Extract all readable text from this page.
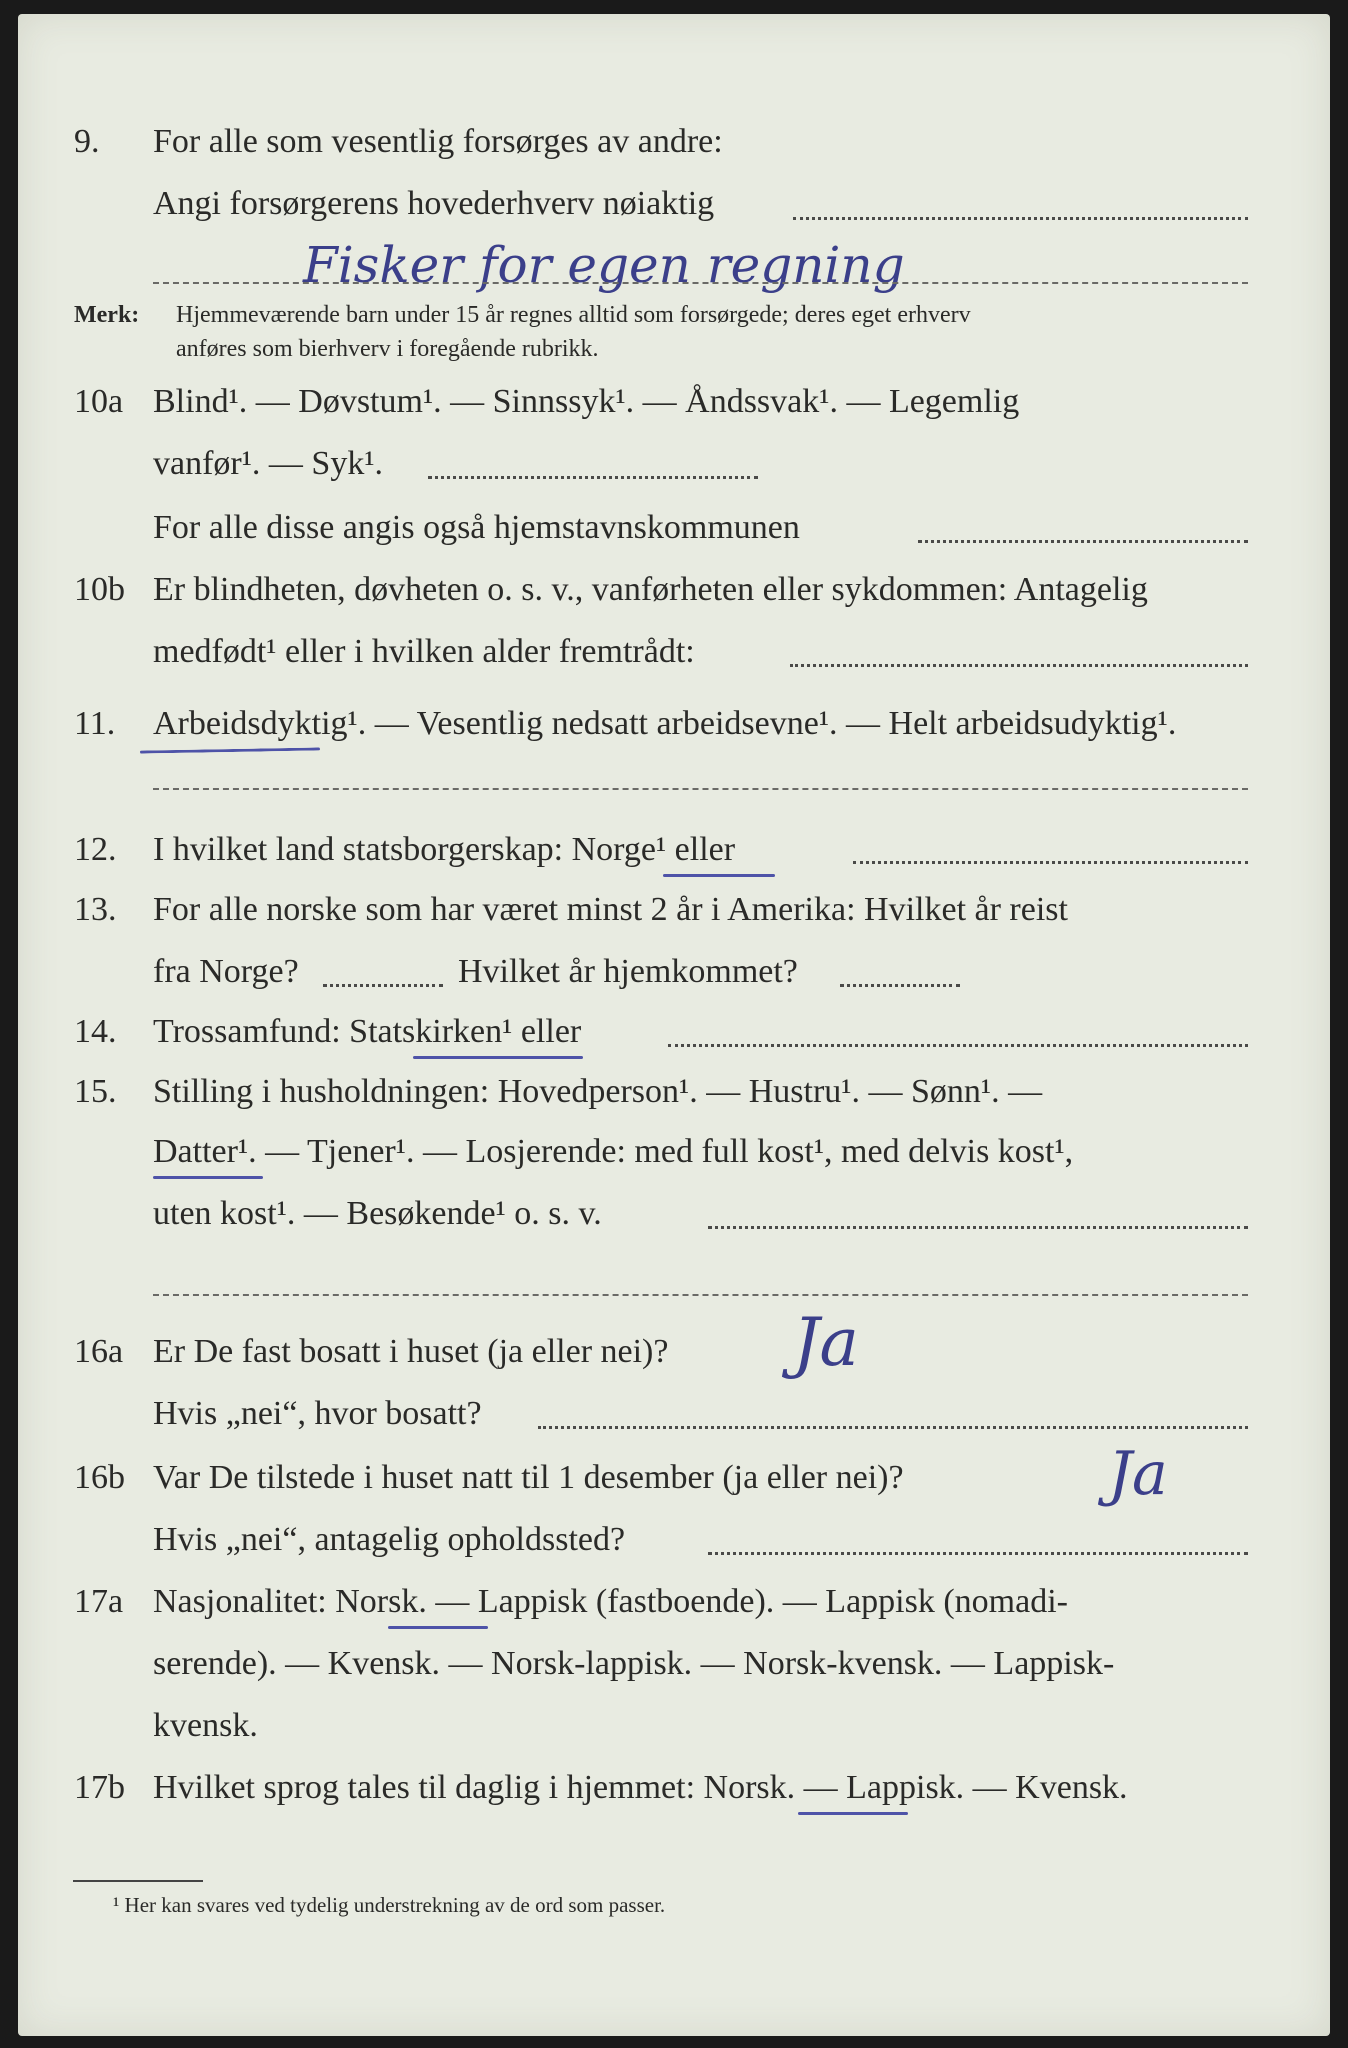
9. For alle som vesentlig forsørges av andre:
Angi forsørgerens hovederhverv nøiaktig
Fisker for egen regning
Merk: Hjemmeværende barn under 15 år regnes alltid som forsørgede; deres eget erhverv
anføres som bierhverv i foregående rubrikk.
10a Blind¹. — Døvstum¹. — Sinnssyk¹. — Åndssvak¹. — Legemlig
vanfør¹. — Syk¹.
For alle disse angis også hjemstavnskommunen
10b Er blindheten, døvheten o. s. v., vanførheten eller sykdommen: Antagelig
medfødt¹ eller i hvilken alder fremtrådt:
11. Arbeidsdyktig¹. — Vesentlig nedsatt arbeidsevne¹. — Helt arbeidsudyktig¹.
12. I hvilket land statsborgerskap: Norge¹ eller
13. For alle norske som har været minst 2 år i Amerika: Hvilket år reist
fra Norge?	Hvilket år hjemkommet?
14. Trossamfund: Statskirken¹ eller
15. Stilling i husholdningen: Hovedperson¹. — Hustru¹. — Sønn¹. —
Datter¹. — Tjener¹. — Losjerende: med full kost¹, med delvis kost¹,
uten kost¹. — Besøkende¹ o. s. v.
16a Er De fast bosatt i huset (ja eller nei)? Ja
Hvis „nei“, hvor bosatt?
16b Var De tilstede i huset natt til 1 desember (ja eller nei)?	Ja
Hvis „nei“, antagelig opholdssted?
17a Nasjonalitet: Norsk. — Lappisk (fastboende). — Lappisk (nomadi-
serende). — Kvensk. — Norsk-lappisk. — Norsk-kvensk. — Lappisk-
kvensk.
17b Hvilket sprog tales til daglig i hjemmet: Norsk. — Lappisk. — Kvensk.
¹ Her kan svares ved tydelig understrekning av de ord som passer.
